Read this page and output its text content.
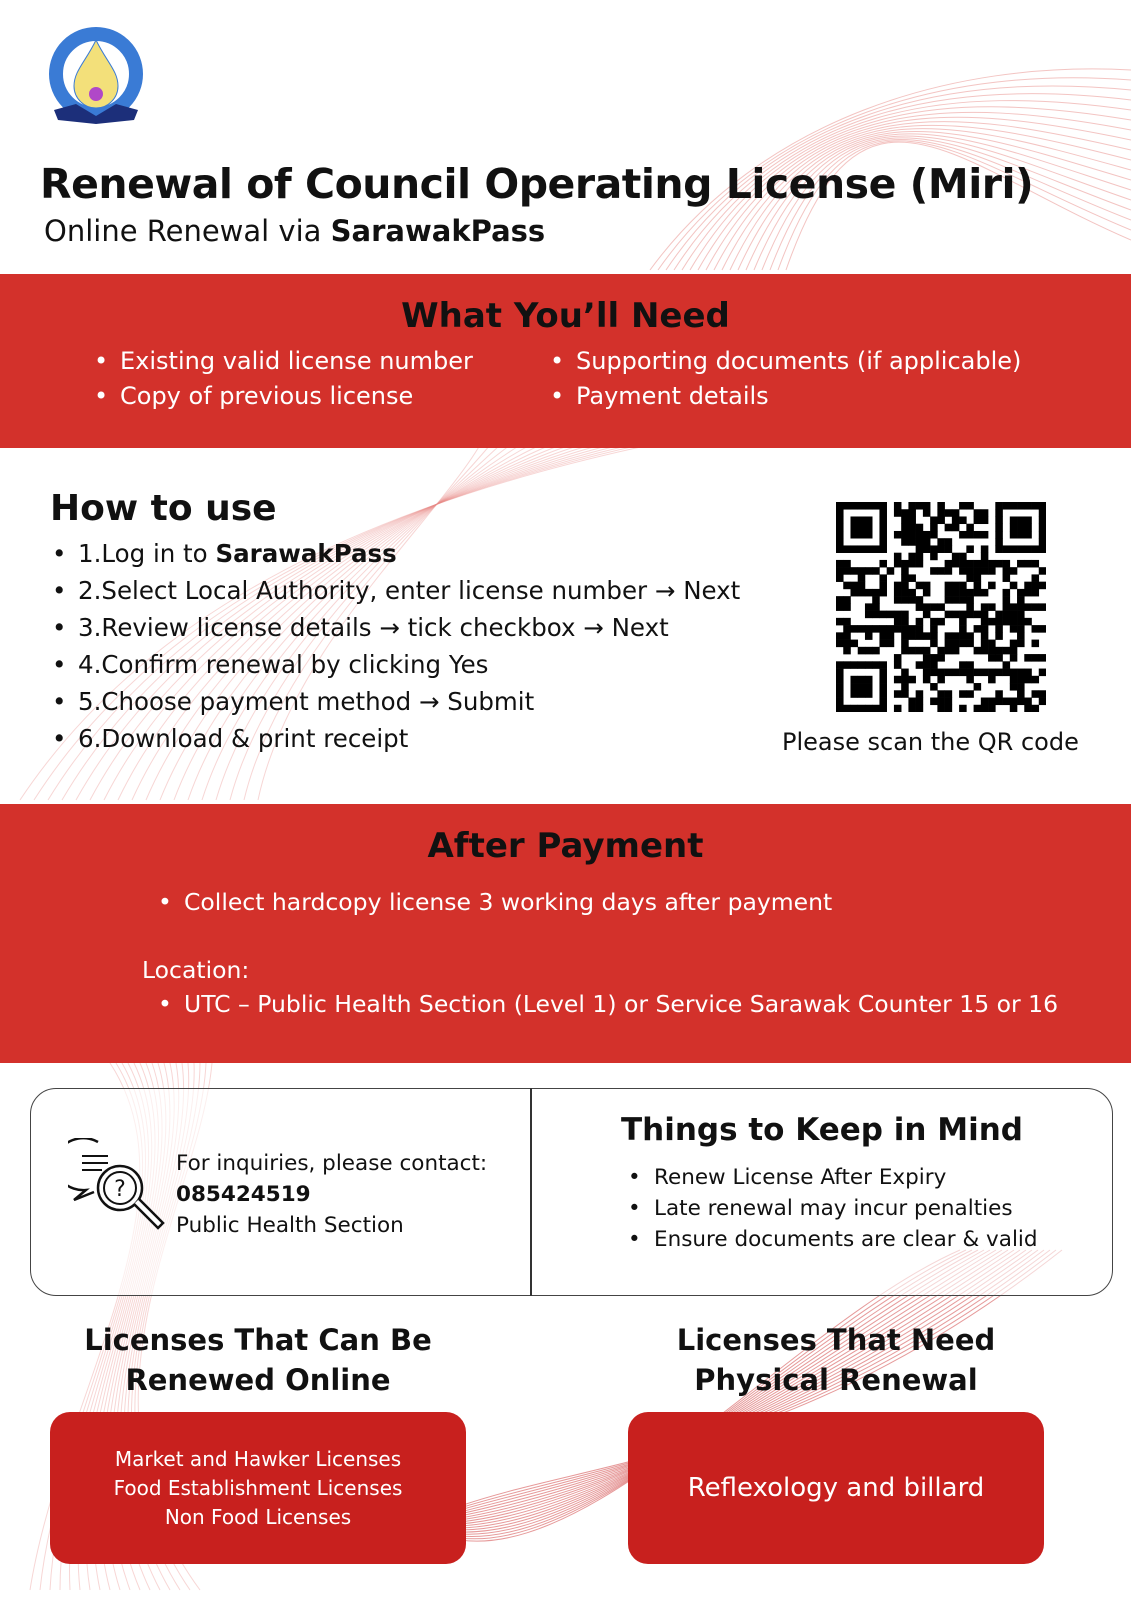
Renewal of Council Operating License (Miri)
Online Renewal via SarawakPass
What You’ll Need
• Existing valid license number
• Copy of previous license
• Supporting documents (if applicable)
• Payment details
How to use
• 1.Log in to SarawakPass
• 2.Select Local Authority, enter license number → Next
• 3.Review license details → tick checkbox → Next
• 4.Confirm renewal by clicking Yes
• 5.Choose payment method → Submit
• 6.Download & print receipt	Please scan the QR code
After Payment
• Collect hardcopy license 3 working days after payment
Location:
• UTC – Public Health Section (Level 1) or Service Sarawak Counter 15 or 16
?
For inquiries, please contact:
085424519
Public Health Section
Things to Keep in Mind
• Renew License After Expiry
• Late renewal may incur penalties
• Ensure documents are clear & valid
Licenses That Can Be
Renewed Online
Market and Hawker Licenses
Food Establishment Licenses
Non Food Licenses
Licenses That Need
Physical Renewal
Reflexology and billard
